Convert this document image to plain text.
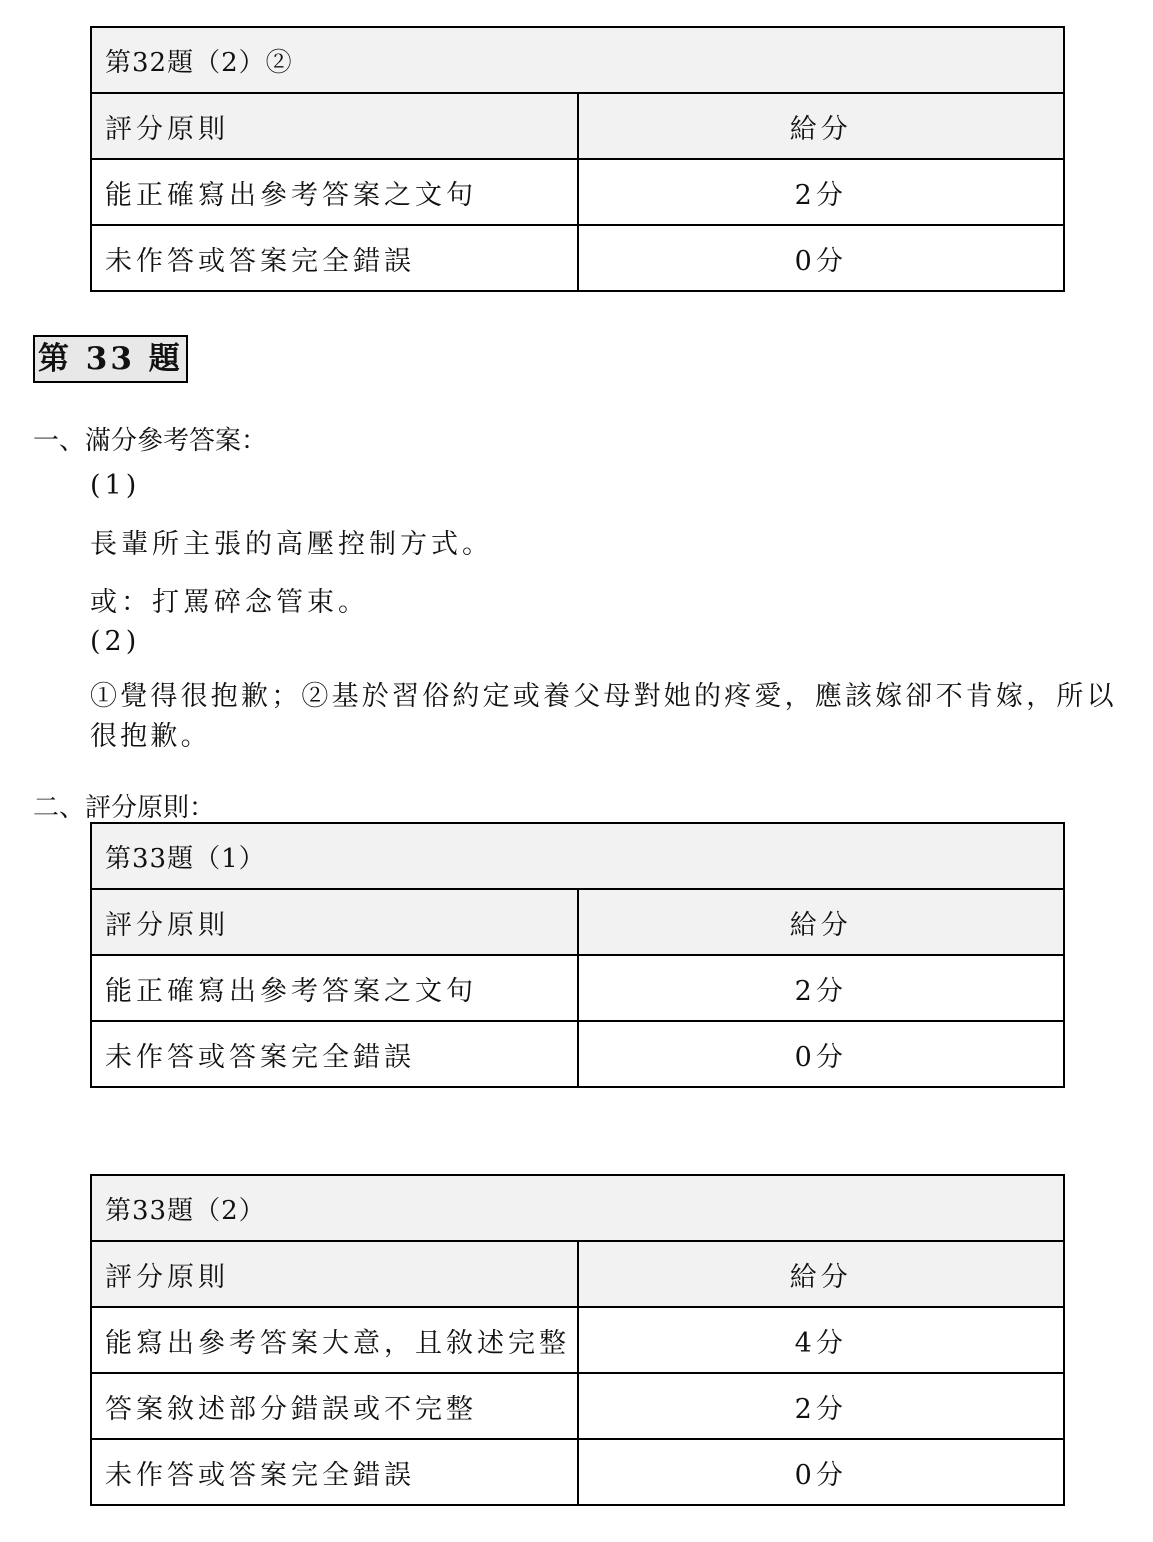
第32題（2）②	
評分原則	給分
能正確寫出參考答案之文句	2分
未作答或答案完全錯誤	0分
第 33 題
一、滿分參考答案：
(1)
長輩所主張的高壓控制方式。
或：打罵碎念管束。
(2)
①覺得很抱歉；②基於習俗約定或養父母對她的疼愛，應該嫁卻不肯嫁，所以很抱歉。
二、評分原則：
第33題（1）	
評分原則	給分
能正確寫出參考答案之文句	2分
未作答或答案完全錯誤	0分
第33題（2）	
評分原則	給分
能寫出參考答案大意，且敘述完整	4分
答案敘述部分錯誤或不完整	2分
未作答或答案完全錯誤	0分
